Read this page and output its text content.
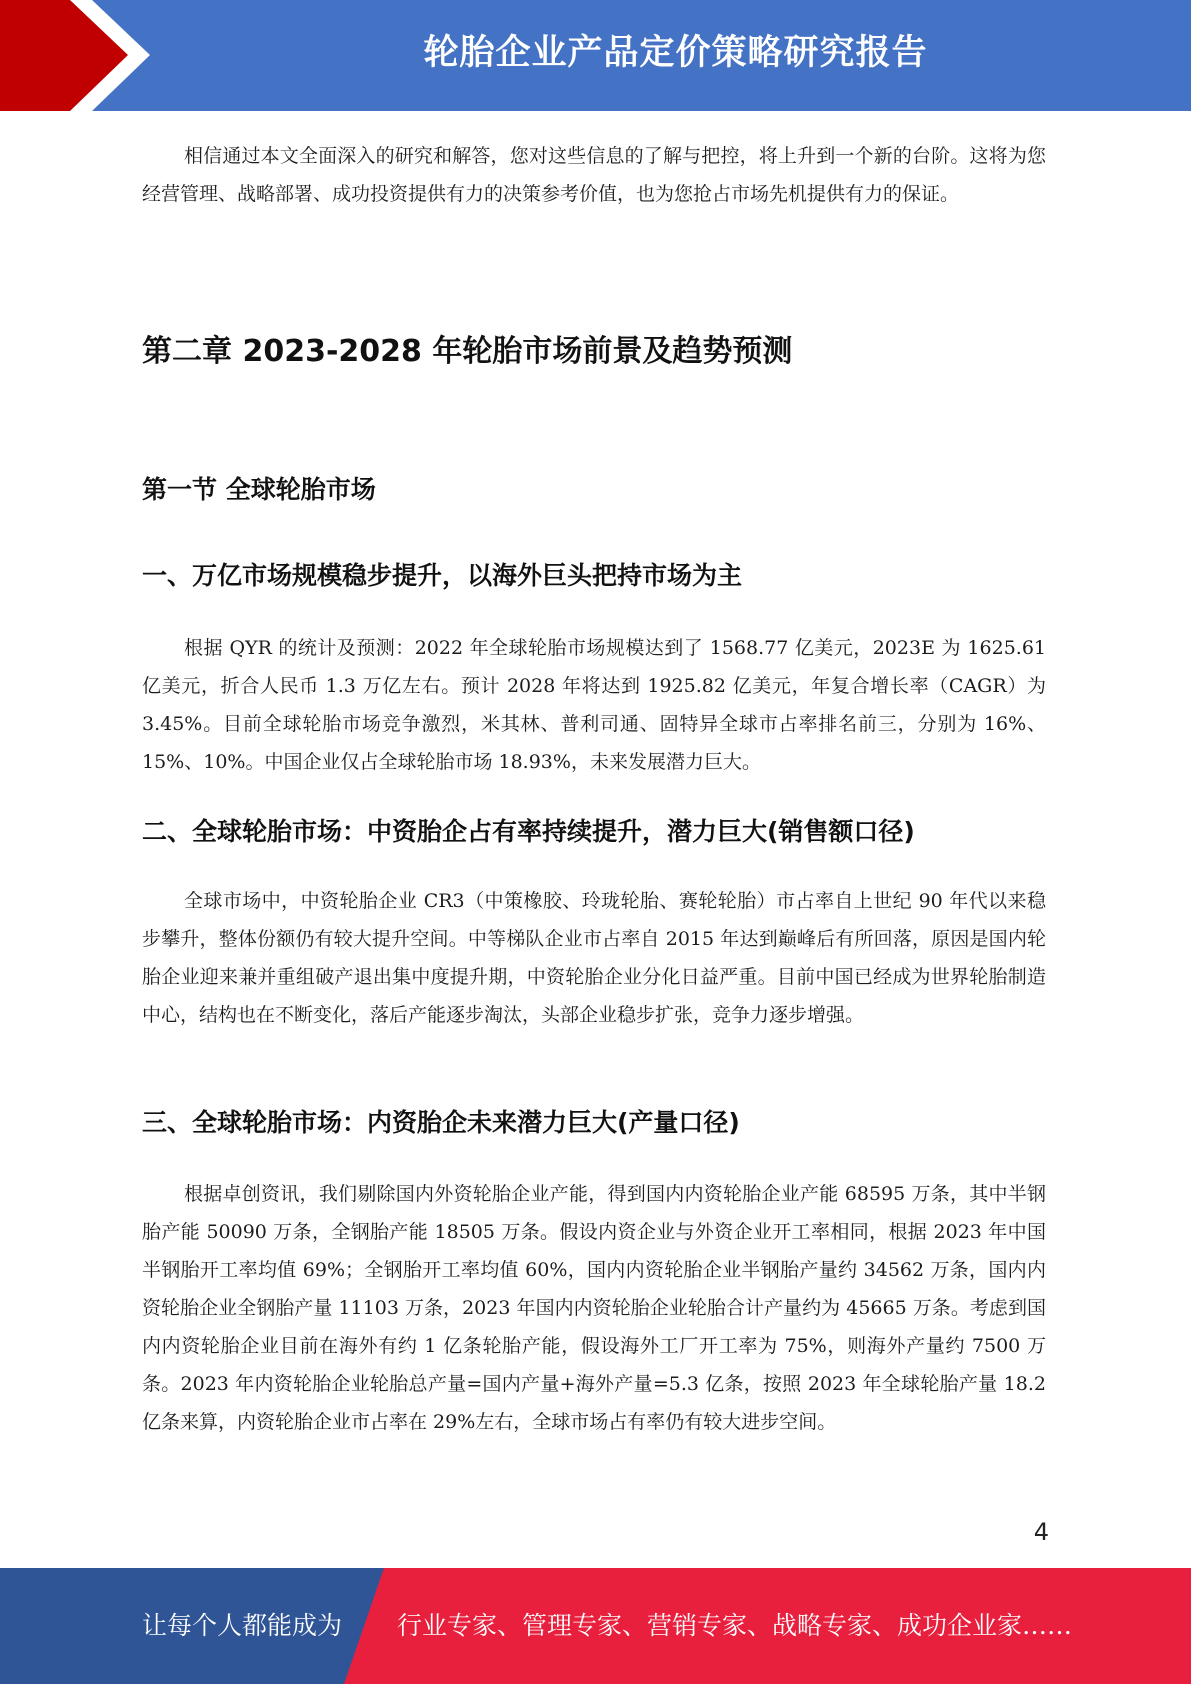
轮胎企业产品定价策略研究报告

相信通过本文全面深入的研究和解答，您对这些信息的了解与把控，将上升到一个新的台阶。这将为您经营管理、战略部署、成功投资提供有力的决策参考价值，也为您抢占市场先机提供有力的保证。

第二章 2023-2028 年轮胎市场前景及趋势预测
第一节 全球轮胎市场
一、万亿市场规模稳步提升，以海外巨头把持市场为主

根据 QYR 的统计及预测：2022 年全球轮胎市场规模达到了 1568.77 亿美元，2023E 为 1625.61 亿美元，折合人民币 1.3 万亿左右。预计 2028 年将达到 1925.82 亿美元，年复合增长率（CAGR）为 3.45%。目前全球轮胎市场竞争激烈，米其林、普利司通、固特异全球市占率排名前三，分别为 16%、15%、10%。中国企业仅占全球轮胎市场 18.93%，未来发展潜力巨大。

二、全球轮胎市场：中资胎企占有率持续提升，潜力巨大(销售额口径)

全球市场中，中资轮胎企业 CR3（中策橡胶、玲珑轮胎、赛轮轮胎）市占率自上世纪 90 年代以来稳步攀升，整体份额仍有较大提升空间。中等梯队企业市占率自 2015 年达到巅峰后有所回落，原因是国内轮胎企业迎来兼并重组破产退出集中度提升期，中资轮胎企业分化日益严重。目前中国已经成为世界轮胎制造中心，结构也在不断变化，落后产能逐步淘汰，头部企业稳步扩张，竞争力逐步增强。

三、全球轮胎市场：内资胎企未来潜力巨大(产量口径)

根据卓创资讯，我们剔除国内外资轮胎企业产能，得到国内内资轮胎企业产能 68595 万条，其中半钢胎产能 50090 万条，全钢胎产能 18505 万条。假设内资企业与外资企业开工率相同，根据 2023 年中国半钢胎开工率均值 69%；全钢胎开工率均值 60%，国内内资轮胎企业半钢胎产量约 34562 万条，国内内资轮胎企业全钢胎产量 11103 万条，2023 年国内内资轮胎企业轮胎合计产量约为 45665 万条。考虑到国内内资轮胎企业目前在海外有约 1 亿条轮胎产能，假设海外工厂开工率为 75%，则海外产量约 7500 万条。2023 年内资轮胎企业轮胎总产量=国内产量+海外产量=5.3 亿条，按照 2023 年全球轮胎产量 18.2 亿条来算，内资轮胎企业市占率在 29%左右，全球市场占有率仍有较大进步空间。

4
让每个人都能成为 行业专家、管理专家、营销专家、战略专家、成功企业家……
